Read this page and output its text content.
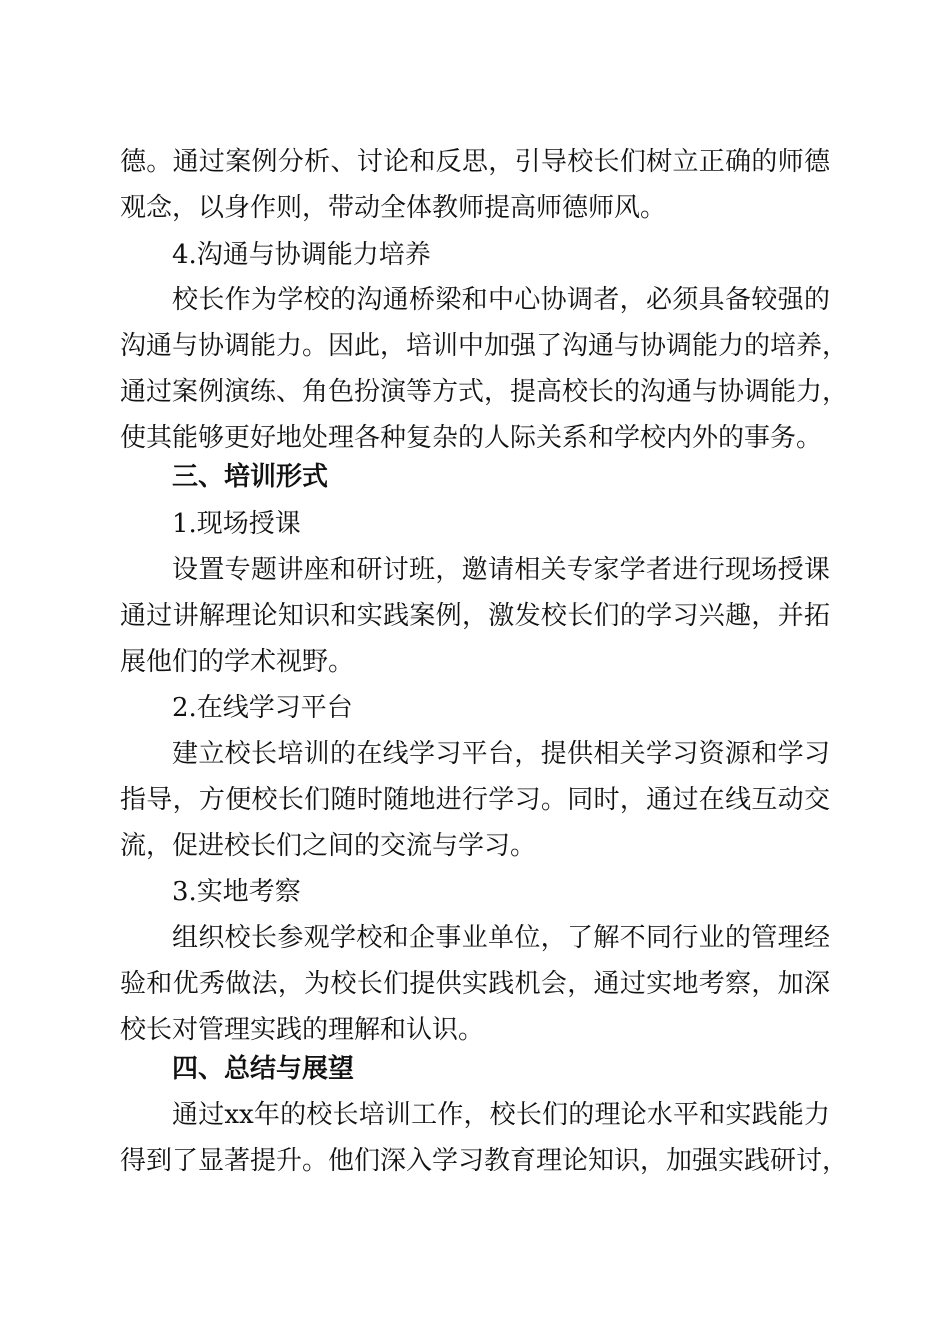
德。通过案例分析、讨论和反思，引导校长们树立正确的师德
观念，以身作则，带动全体教师提高师德师风。
4.沟通与协调能力培养
校长作为学校的沟通桥梁和中心协调者，必须具备较强的
沟通与协调能力。因此，培训中加强了沟通与协调能力的培养，
通过案例演练、角色扮演等方式，提高校长的沟通与协调能力，
使其能够更好地处理各种复杂的人际关系和学校内外的事务。
三、培训形式
1.现场授课
设置专题讲座和研讨班，邀请相关专家学者进行现场授课
通过讲解理论知识和实践案例，激发校长们的学习兴趣，并拓
展他们的学术视野。
2.在线学习平台
建立校长培训的在线学习平台，提供相关学习资源和学习
指导，方便校长们随时随地进行学习。同时，通过在线互动交
流，促进校长们之间的交流与学习。
3.实地考察
组织校长参观学校和企事业单位，了解不同行业的管理经
验和优秀做法，为校长们提供实践机会，通过实地考察，加深
校长对管理实践的理解和认识。
四、总结与展望
通过xx年的校长培训工作，校长们的理论水平和实践能力
得到了显著提升。他们深入学习教育理论知识，加强实践研讨，
